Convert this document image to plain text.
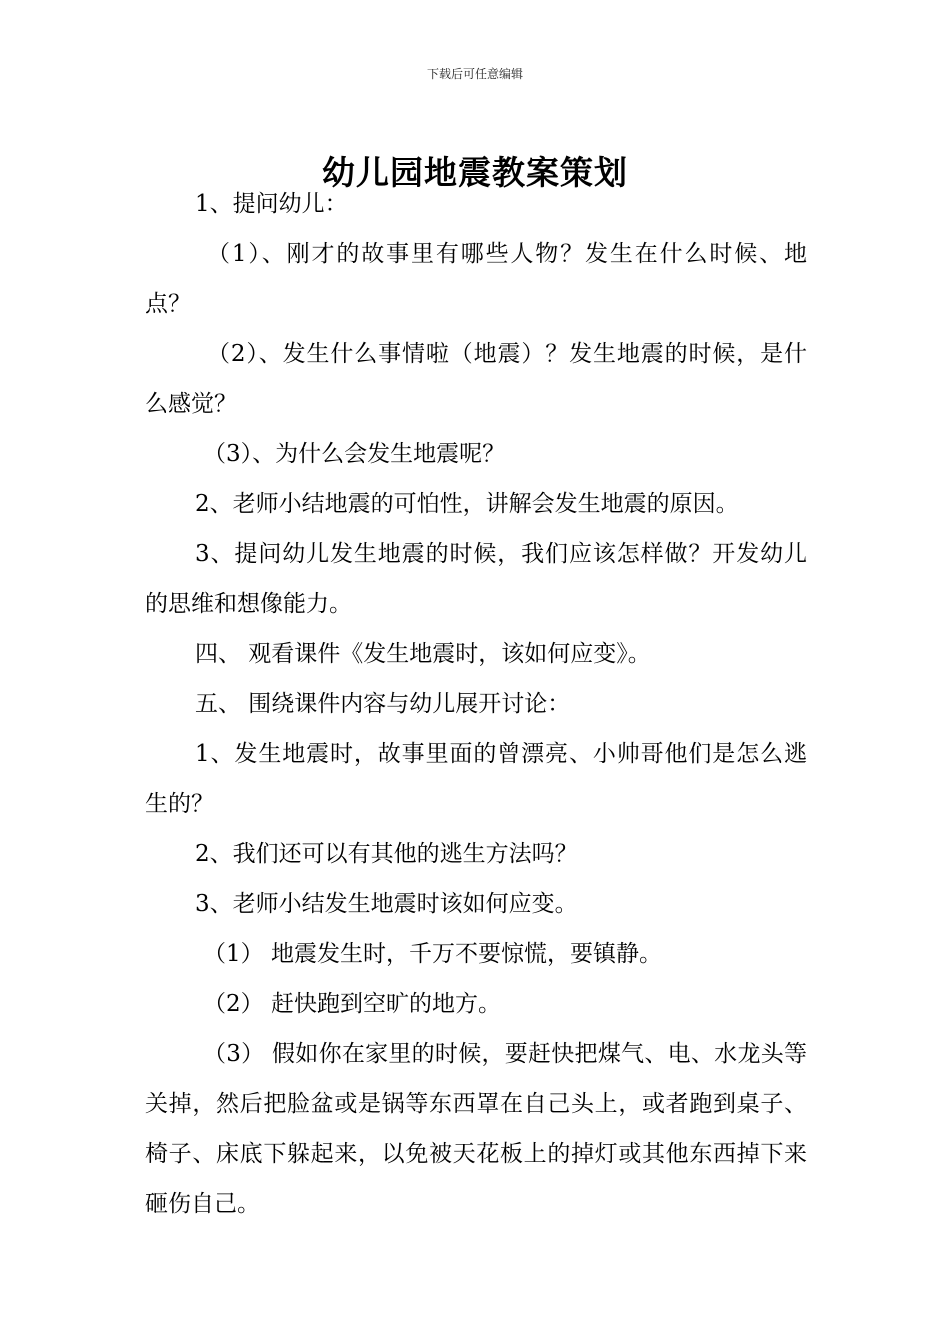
下载后可任意编辑
幼儿园地震教案策划

1、提问幼儿：

（1）、刚才的故事里有哪些人物？发生在什么时候、地点？

（2）、发生什么事情啦（地震）？发生地震的时候，是什么感觉？

（3）、为什么会发生地震呢？

2、老师小结地震的可怕性，讲解会发生地震的原因。

3、提问幼儿发生地震的时候，我们应该怎样做？开发幼儿的思维和想像能力。

四、 观看课件《发生地震时，该如何应变》。

五、 围绕课件内容与幼儿展开讨论：

1、发生地震时，故事里面的曾漂亮、小帅哥他们是怎么逃生的？

2、我们还可以有其他的逃生方法吗？

3、老师小结发生地震时该如何应变。

（1） 地震发生时，千万不要惊慌，要镇静。

（2） 赶快跑到空旷的地方。

（3） 假如你在家里的时候，要赶快把煤气、电、水龙头等关掉，然后把脸盆或是锅等东西罩在自己头上，或者跑到桌子、椅子、床底下躲起来，以免被天花板上的掉灯或其他东西掉下来砸伤自己。
